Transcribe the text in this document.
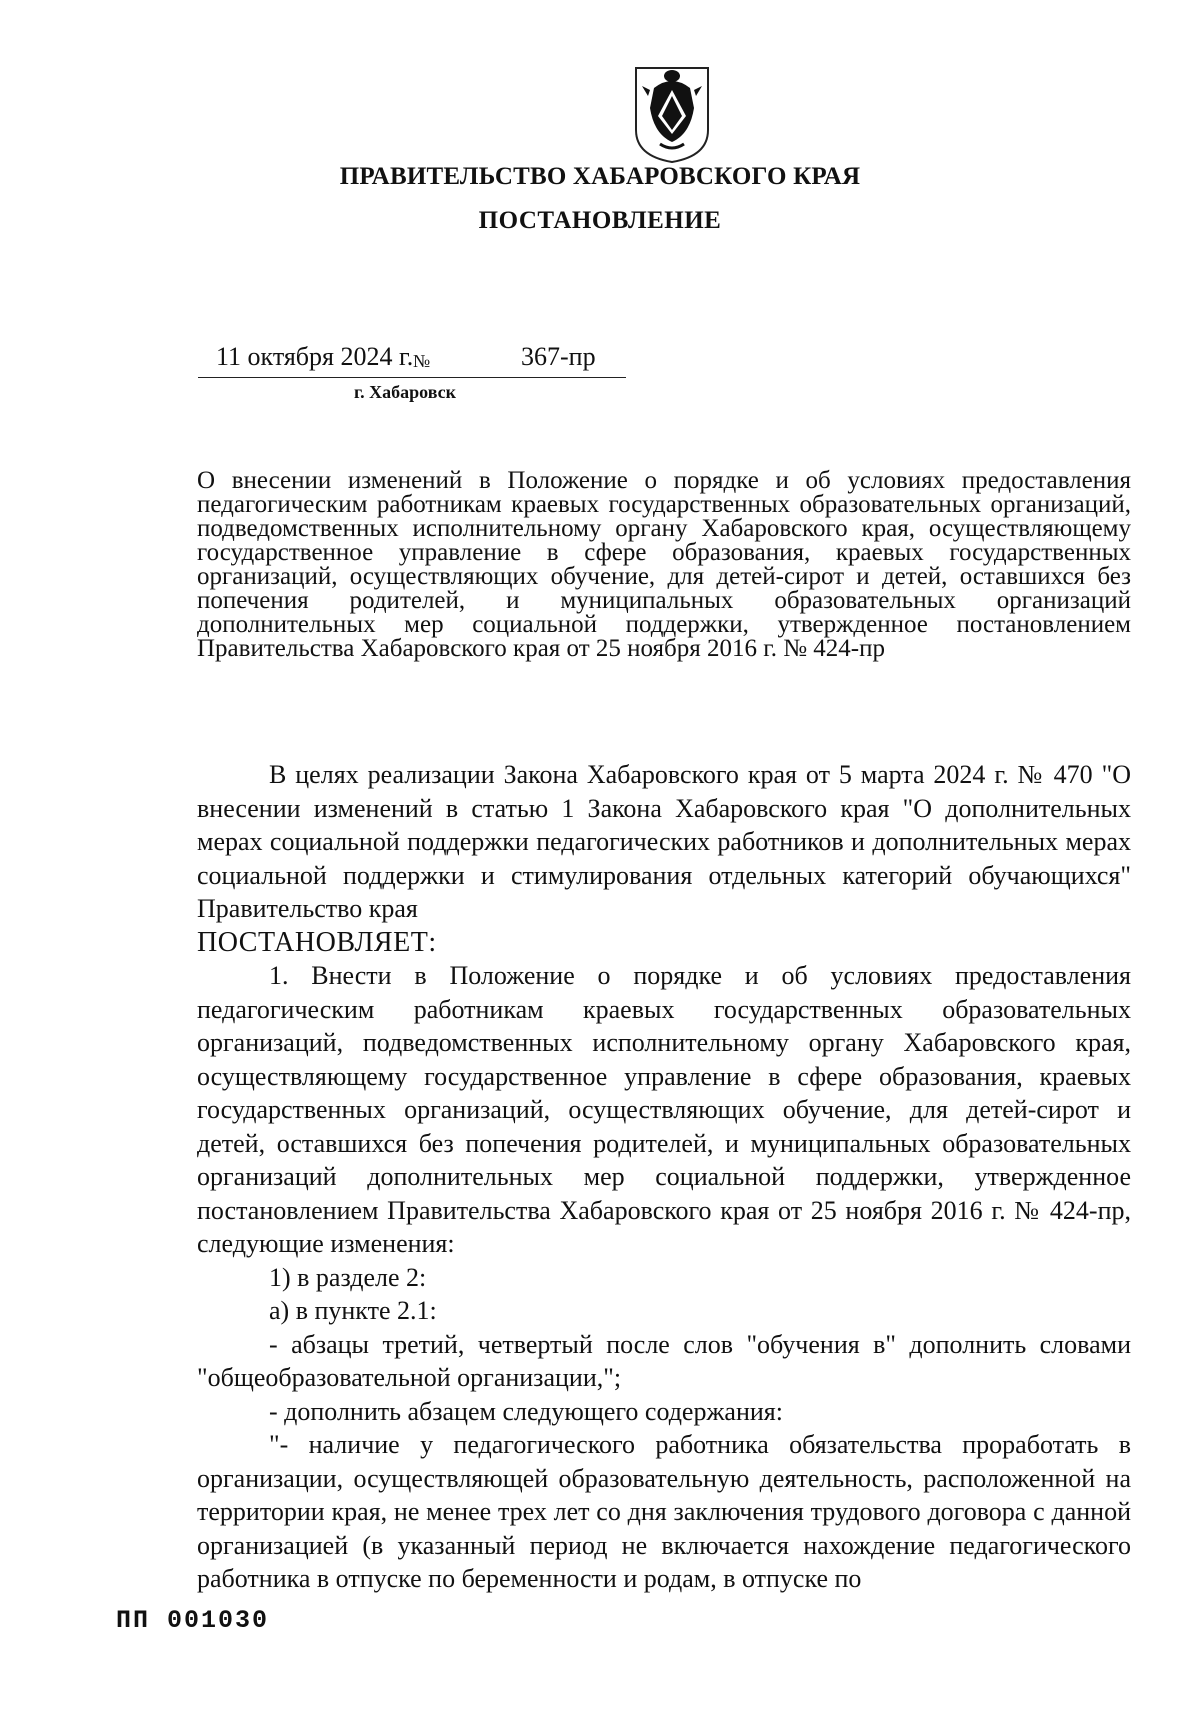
ПРАВИТЕЛЬСТВО ХАБАРОВСКОГО КРАЯ
ПОСТАНОВЛЕНИЕ
11 октября 2024 г. №	367-пр
г. Хабаровск
О внесении изменений в Положение о порядке и об условиях предоставления педагогическим работникам краевых государственных образовательных организаций, подведомственных исполнительному органу Хабаровского края, осуществляющему государственное управление в сфере образования, краевых государственных организаций, осуществляющих обучение, для детей-сирот и детей, оставшихся без попечения родителей, и муниципальных образовательных организаций дополнительных мер социальной поддержки, утвержденное постановлением Правительства Хабаровского края от 25 ноября 2016 г. № 424-пр

В целях реализации Закона Хабаровского края от 5 марта 2024 г. № 470 "О внесении изменений в статью 1 Закона Хабаровского края "О дополнительных мерах социальной поддержки педагогических работников и дополнительных мерах социальной поддержки и стимулирования отдельных категорий обучающихся" Правительство края

ПОСТАНОВЛЯЕТ:

1. Внести в Положение о порядке и об условиях предоставления педагогическим работникам краевых государственных образовательных организаций, подведомственных исполнительному органу Хабаровского края, осуществляющему государственное управление в сфере образования, краевых государственных организаций, осуществляющих обучение, для детей-сирот и детей, оставшихся без попечения родителей, и муниципальных образовательных организаций дополнительных мер социальной поддержки, утвержденное постановлением Правительства Хабаровского края от 25 ноября 2016 г. № 424-пр, следующие изменения:

1) в разделе 2:

а) в пункте 2.1:

- абзацы третий, четвертый после слов "обучения в" дополнить словами "общеобразовательной организации,";

- дополнить абзацем следующего содержания:

"- наличие у педагогического работника обязательства проработать в организации, осуществляющей образовательную деятельность, расположенной на территории края, не менее трех лет со дня заключения трудового договора с данной организацией (в указанный период не включается нахождение педагогического работника в отпуске по беременности и родам, в отпуске по

ПП 001030
